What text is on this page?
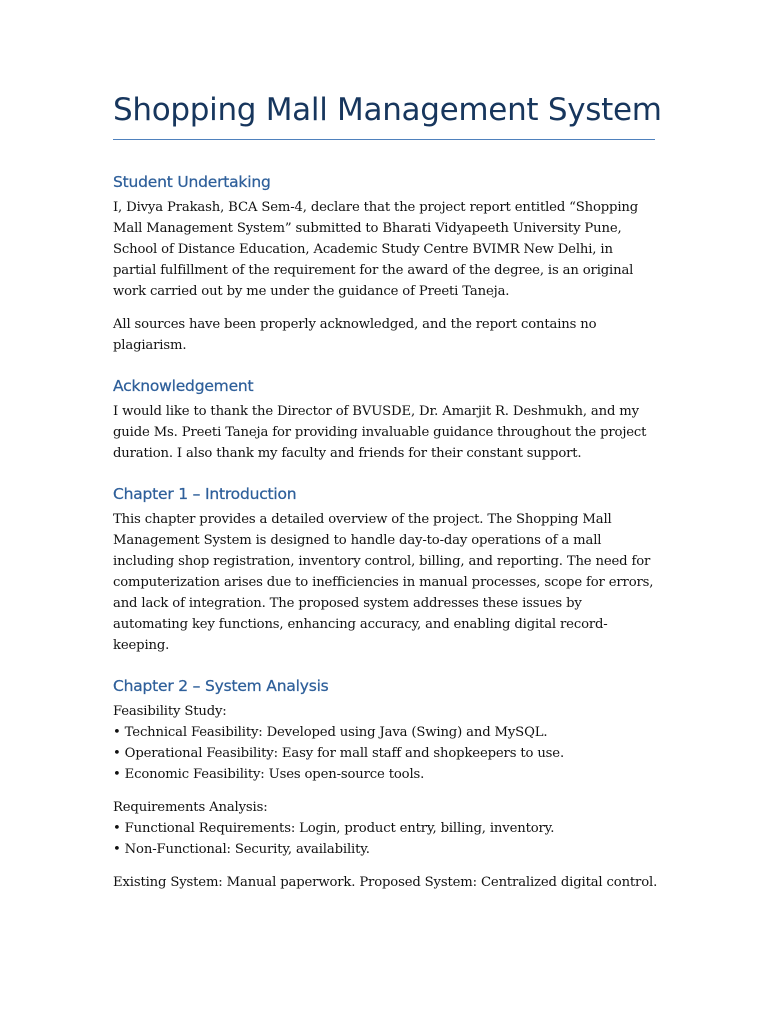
Shopping Mall Management System
Student Undertaking

I, Divya Prakash, BCA Sem-4, declare that the project report entitled “Shopping Mall Management System” submitted to Bharati Vidyapeeth University Pune, School of Distance Education, Academic Study Centre BVIMR New Delhi, in partial fulfillment of the requirement for the award of the degree, is an original work carried out by me under the guidance of Preeti Taneja.

All sources have been properly acknowledged, and the report contains no plagiarism.

Acknowledgement

I would like to thank the Director of BVUSDE, Dr. Amarjit R. Deshmukh, and my guide Ms. Preeti Taneja for providing invaluable guidance throughout the project duration. I also thank my faculty and friends for their constant support.

Chapter 1 – Introduction

This chapter provides a detailed overview of the project. The Shopping Mall Management System is designed to handle day-to-day operations of a mall including shop registration, inventory control, billing, and reporting. The need for computerization arises due to inefficiencies in manual processes, scope for errors, and lack of integration. The proposed system addresses these issues by automating key functions, enhancing accuracy, and enabling digital record-keeping.

Chapter 2 – System Analysis

Feasibility Study:
• Technical Feasibility: Developed using Java (Swing) and MySQL.
• Operational Feasibility: Easy for mall staff and shopkeepers to use.
• Economic Feasibility: Uses open-source tools.

Requirements Analysis:
• Functional Requirements: Login, product entry, billing, inventory.
• Non-Functional: Security, availability.

Existing System: Manual paperwork. Proposed System: Centralized digital control.
